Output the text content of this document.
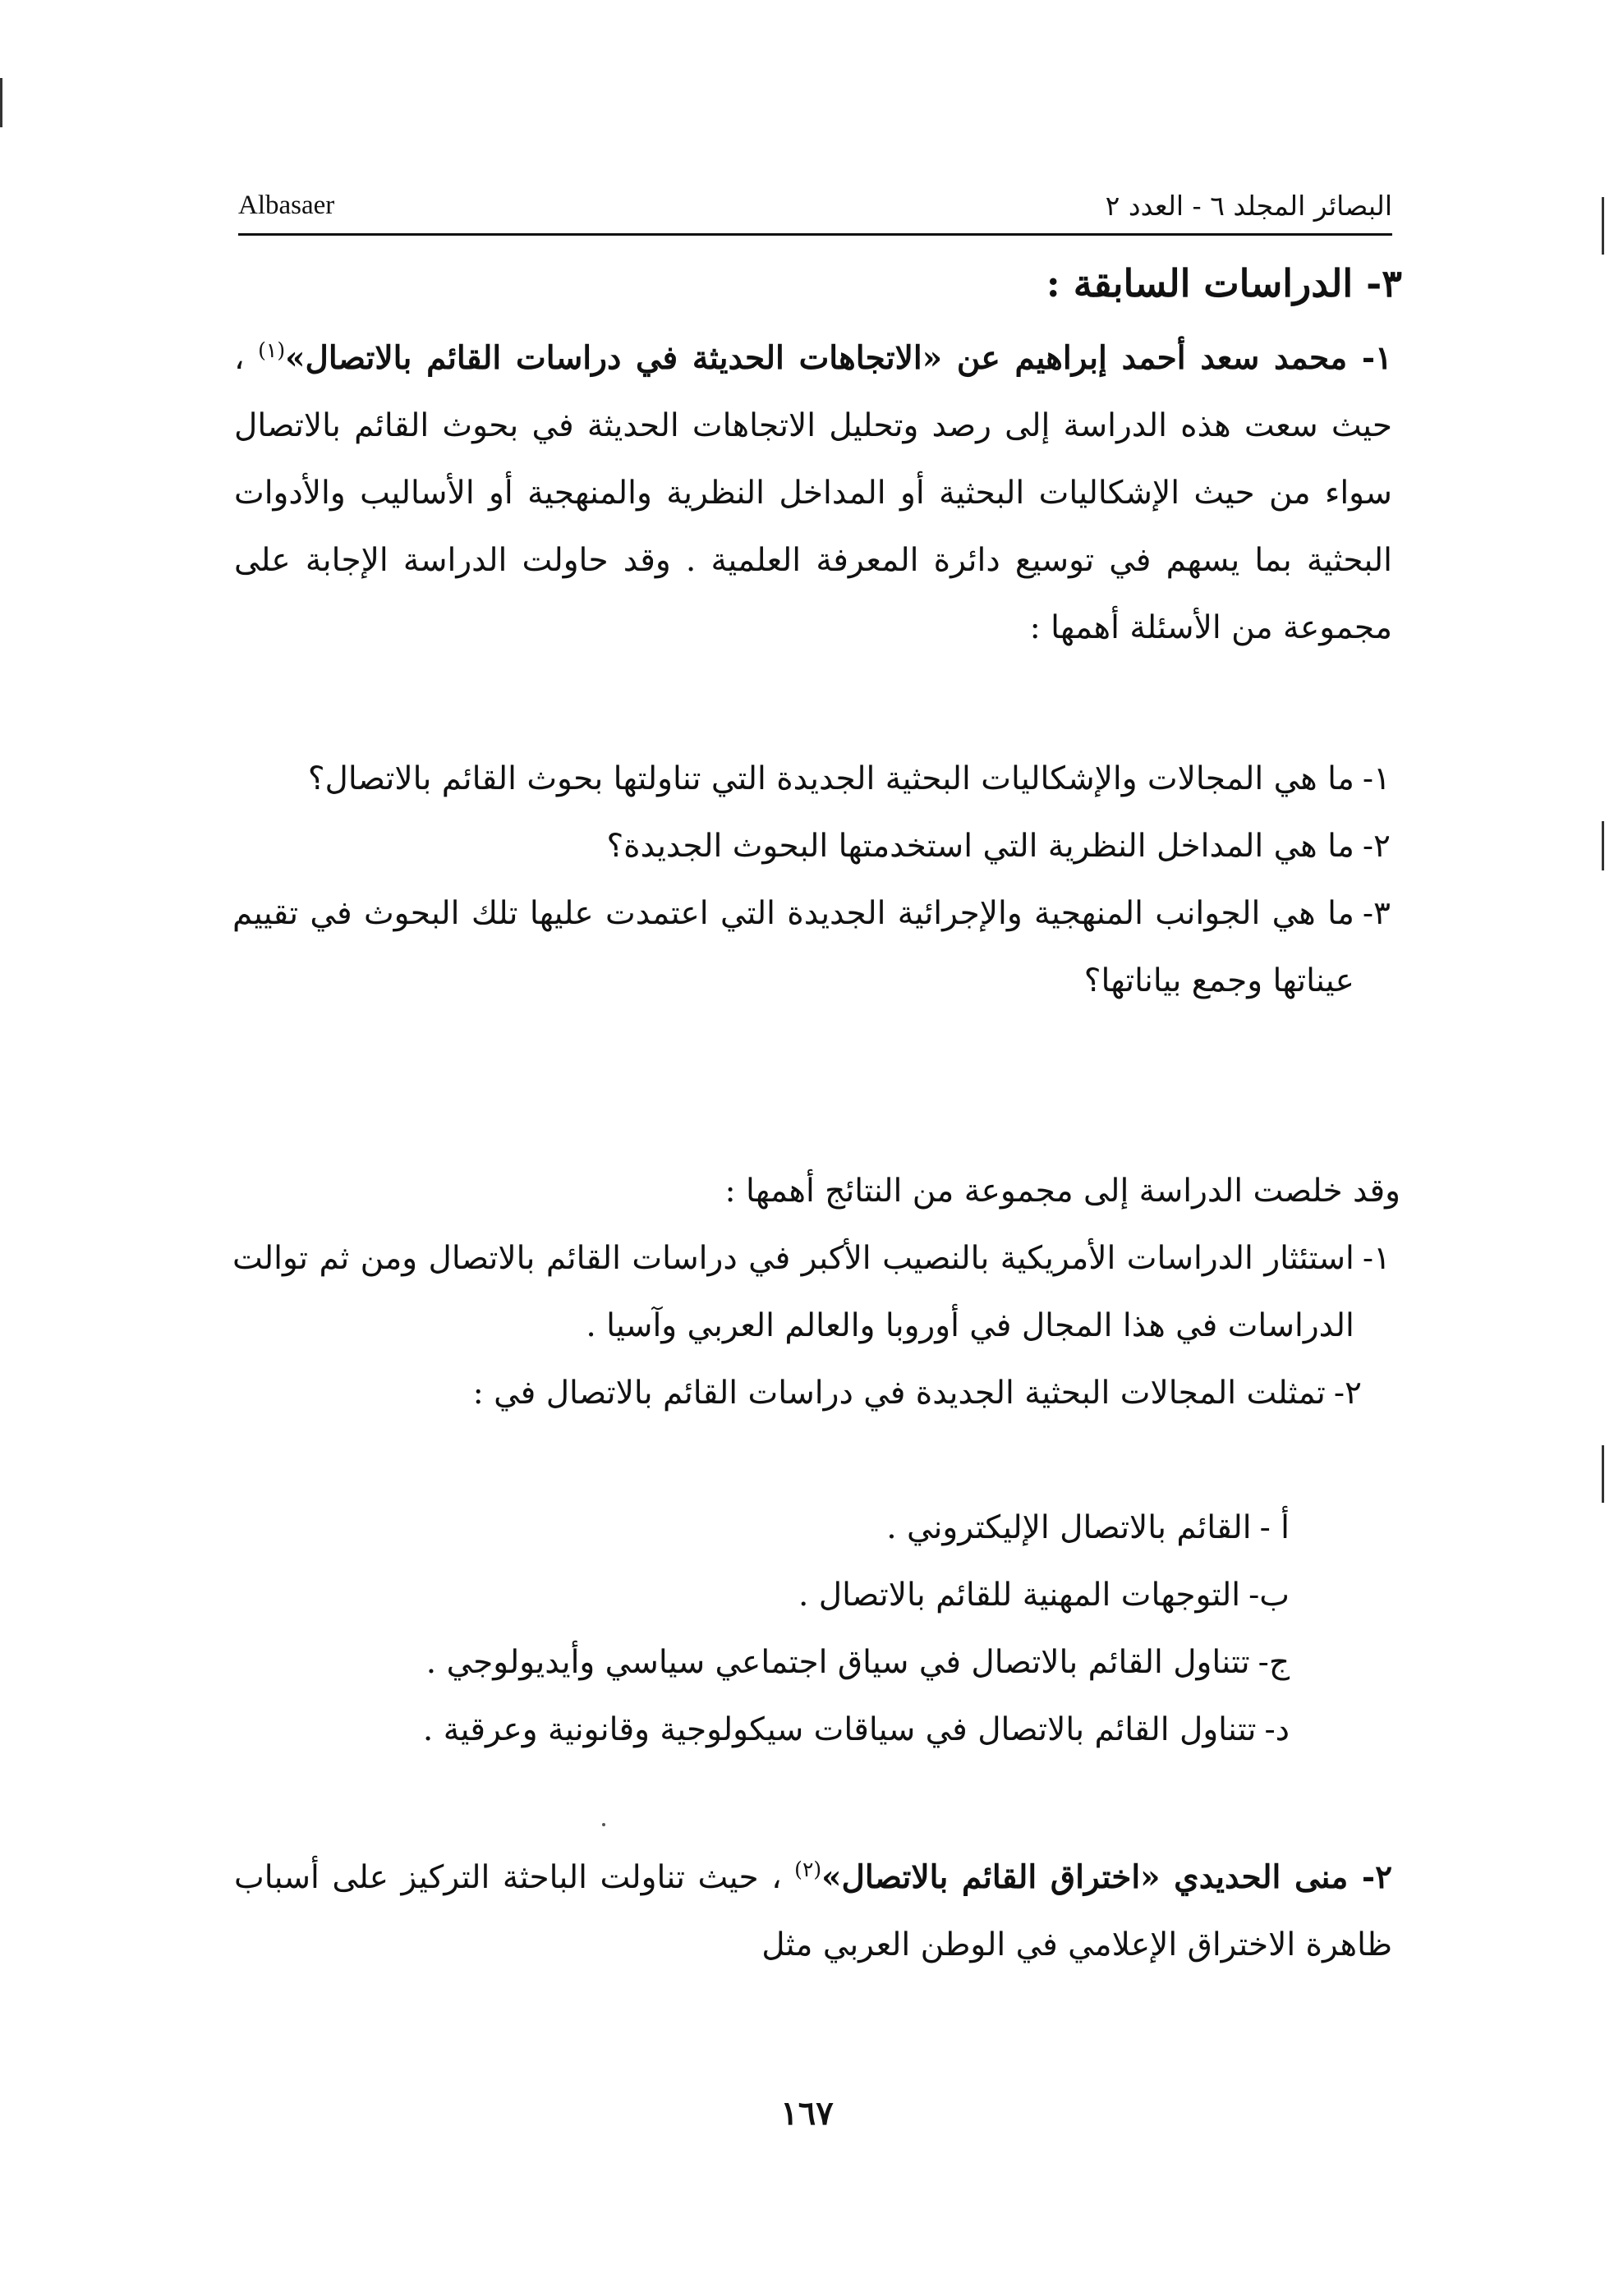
البصائر المجلد ٦ - العدد ٢
Albasaer
٣- الدراسات السابقة :
١- محمد سعد أحمد إبراهيم عن «الاتجاهات الحديثة في دراسات القائم بالاتصال»$^{(١)}$ ، حيث سعت هذه الدراسة إلى رصد وتحليل الاتجاهات الحديثة في بحوث القائم بالاتصال سواء من حيث الإشكاليات البحثية أو المداخل النظرية والمنهجية أو الأساليب والأدوات البحثية بما يسهم في توسيع دائرة المعرفة العلمية . وقد حاولت الدراسة الإجابة على مجموعة من الأسئلة أهمها :
١-
ما هي المجالات والإشكاليات البحثية الجديدة التي تناولتها بحوث القائم بالاتصال؟
٢-
ما هي المداخل النظرية التي استخدمتها البحوث الجديدة؟
٣-
ما هي الجوانب المنهجية والإجرائية الجديدة التي اعتمدت عليها تلك البحوث في تقييم عيناتها وجمع بياناتها؟
وقد خلصت الدراسة إلى مجموعة من النتائج أهمها :
١-
استئثار الدراسات الأمريكية بالنصيب الأكبر في دراسات القائم بالاتصال ومن ثم توالت الدراسات في هذا المجال في أوروبا والعالم العربي وآسيا .
٢-
تمثلت المجالات البحثية الجديدة في دراسات القائم بالاتصال في :
أ -
القائم بالاتصال الإليكتروني .
ب-
التوجهات المهنية للقائم بالاتصال .
ج-
تتناول القائم بالاتصال في سياق اجتماعي سياسي وأيديولوجي .
د-
تتناول القائم بالاتصال في سياقات سيكولوجية وقانونية وعرقية .
٢- منى الحديدي «اختراق القائم بالاتصال»$^{(٢)}$ ، حيث تناولت الباحثة التركيز على أسباب ظاهرة الاختراق الإعلامي في الوطن العربي مثل
١٦٧
